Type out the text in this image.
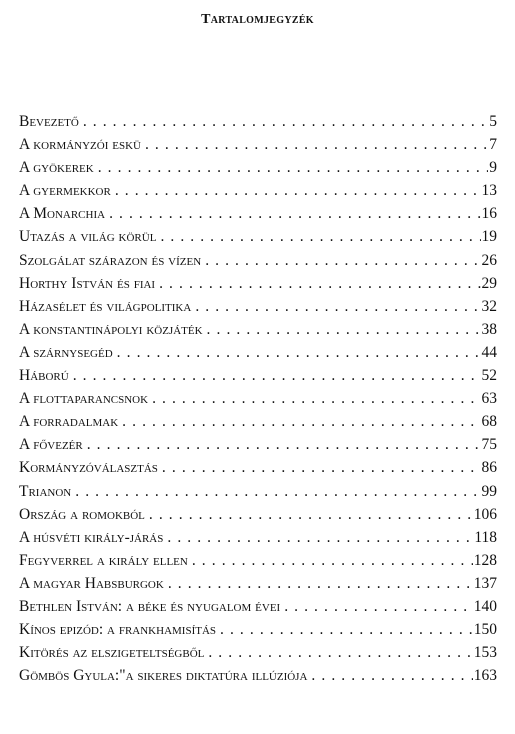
Tartalomjegyzék
Bevezető . . .	5
A kormányzói eskü . . .	7
A gyökerek . . .	9
A gyermekkor . . .	13
A Monarchia . . .	16
Utazás a világ körül . . .	19
Szolgálat szárazon és vízen . . .	26
Horthy István és fiai . . .	29
Házasélet és világpolitika . . .	32
A konstantinápolyi közjáték . . .	38
A szárnysegéd . . .	44
Háború . . .	52
A flottaparancsnok . . .	63
A forradalmak . . .	68
A fővezér . . .	75
Kormányzóválasztás . . .	86
Trianon . . .	99
Ország a romokból . . .	106
A húsvéti király-járás . . .	118
Fegyverrel a király ellen . . .	128
A magyar Habsburgok . . .	137
Bethlen István: a béke és nyugalom évei . . .	140
Kínos epizód: a frankhamisítás . . .	150
Kitörés az elszigeteltségből . . .	153
Gömbös Gyula:"a sikeres diktatúra illúziója . . .	163
